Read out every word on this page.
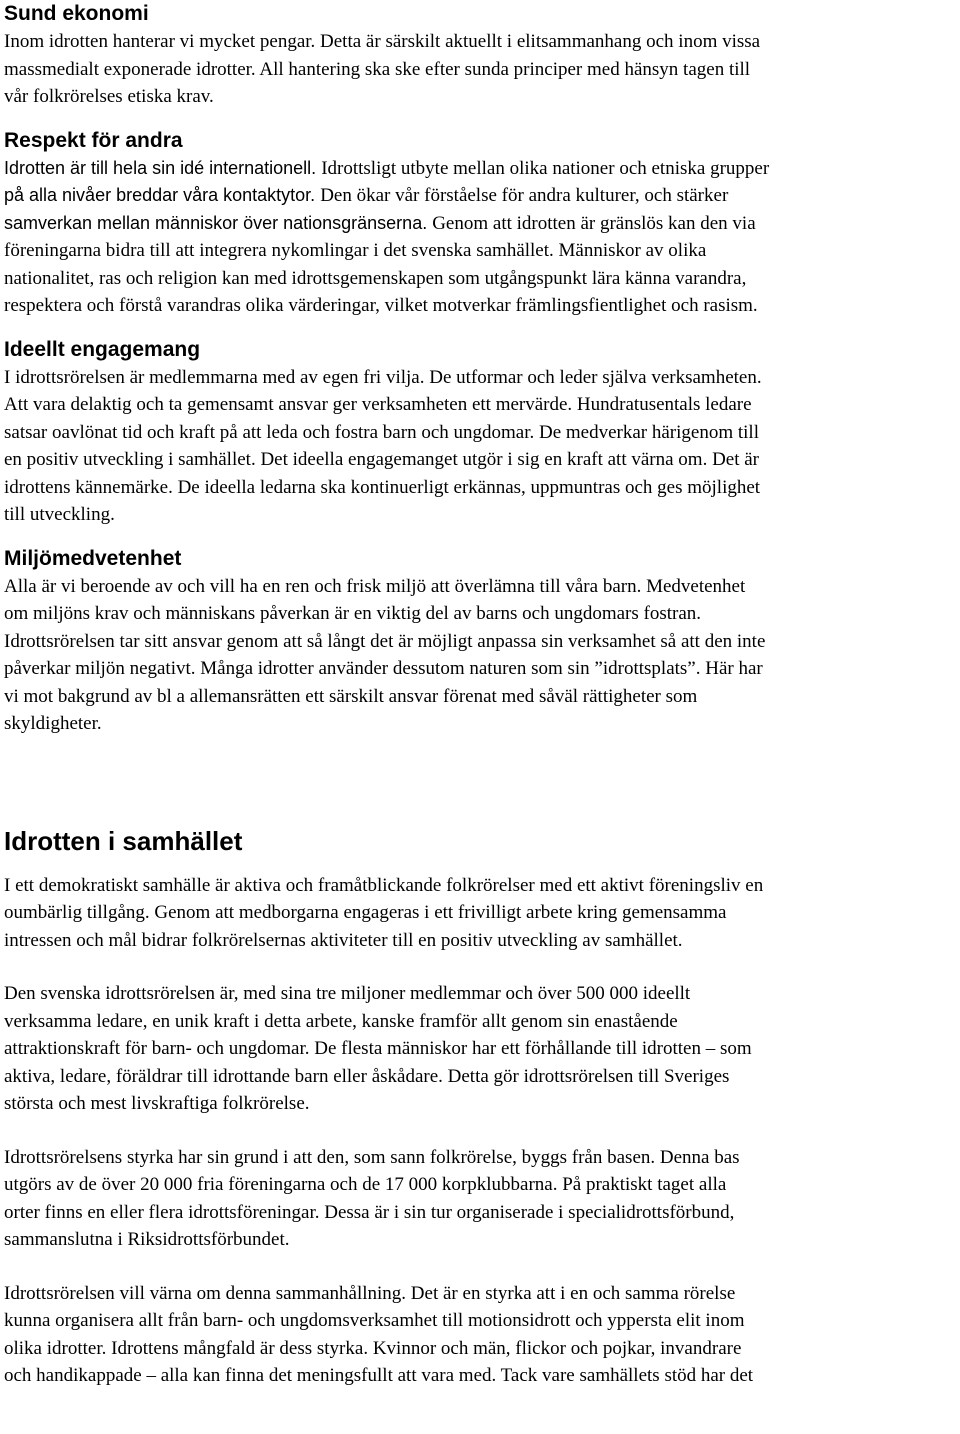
Sund ekonomi
Inom idrotten hanterar vi mycket pengar. Detta är särskilt aktuellt i elitsammanhang och inom vissa
massmedialt exponerade idrotter. All hantering ska ske efter sunda principer med hänsyn tagen till
vår folkrörelses etiska krav.
Respekt för andra
Idrotten är till hela sin idé internationell. Idrottsligt utbyte mellan olika nationer och etniska grupper
på alla nivåer breddar våra kontaktytor. Den ökar vår förståelse för andra kulturer, och stärker
samverkan mellan människor över nationsgränserna. Genom att idrotten är gränslös kan den via
föreningarna bidra till att integrera nykomlingar i det svenska samhället. Människor av olika
nationalitet, ras och religion kan med idrottsgemenskapen som utgångspunkt lära känna varandra,
respektera och förstå varandras olika värderingar, vilket motverkar främlingsfientlighet och rasism.
Ideellt engagemang
I idrottsrörelsen är medlemmarna med av egen fri vilja. De utformar och leder själva verksamheten.
Att vara delaktig och ta gemensamt ansvar ger verksamheten ett mervärde. Hundratusentals ledare
satsar oavlönat tid och kraft på att leda och fostra barn och ungdomar. De medverkar härigenom till
en positiv utveckling i samhället. Det ideella engagemanget utgör i sig en kraft att värna om. Det är
idrottens kännemärke. De ideella ledarna ska kontinuerligt erkännas, uppmuntras och ges möjlighet
till utveckling.
Miljömedvetenhet
Alla är vi beroende av och vill ha en ren och frisk miljö att överlämna till våra barn. Medvetenhet
om miljöns krav och människans påverkan är en viktig del av barns och ungdomars fostran.
Idrottsrörelsen tar sitt ansvar genom att så långt det är möjligt anpassa sin verksamhet så att den inte
påverkar miljön negativt. Många idrotter använder dessutom naturen som sin ”idrottsplats”. Här har
vi mot bakgrund av bl a allemansrätten ett särskilt ansvar förenat med såväl rättigheter som
skyldigheter.
Idrotten i samhället
I ett demokratiskt samhälle är aktiva och framåtblickande folkrörelser med ett aktivt föreningsliv en
oumbärlig tillgång. Genom att medborgarna engageras i ett frivilligt arbete kring gemensamma
intressen och mål bidrar folkrörelsernas aktiviteter till en positiv utveckling av samhället.
Den svenska idrottsrörelsen är, med sina tre miljoner medlemmar och över 500 000 ideellt
verksamma ledare, en unik kraft i detta arbete, kanske framför allt genom sin enastående
attraktionskraft för barn- och ungdomar. De flesta människor har ett förhållande till idrotten – som
aktiva, ledare, föräldrar till idrottande barn eller åskådare. Detta gör idrottsrörelsen till Sveriges
största och mest livskraftiga folkrörelse.
Idrottsrörelsens styrka har sin grund i att den, som sann folkrörelse, byggs från basen. Denna bas
utgörs av de över 20 000 fria föreningarna och de 17 000 korpklubbarna. På praktiskt taget alla
orter finns en eller flera idrottsföreningar. Dessa är i sin tur organiserade i specialidrottsförbund,
sammanslutna i Riksidrottsförbundet.
Idrottsrörelsen vill värna om denna sammanhållning. Det är en styrka att i en och samma rörelse
kunna organisera allt från barn- och ungdomsverksamhet till motionsidrott och yppersta elit inom
olika idrotter. Idrottens mångfald är dess styrka. Kvinnor och män, flickor och pojkar, invandrare
och handikappade – alla kan finna det meningsfullt att vara med. Tack vare samhällets stöd har det
